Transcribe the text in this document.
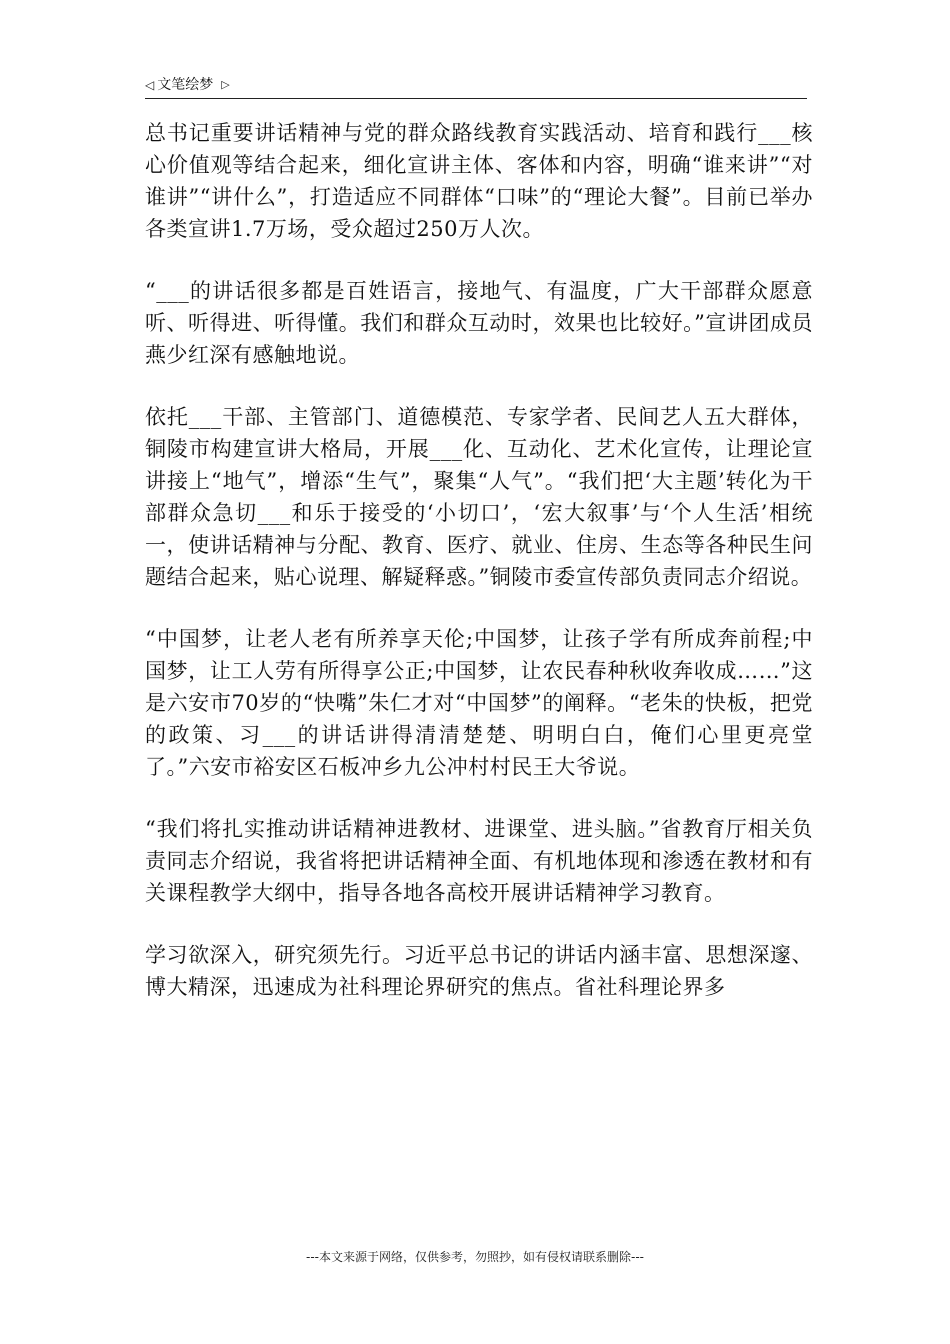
◁ 文笔绘梦 ▷

总书记重要讲话精神与党的群众路线教育实践活动、培育和践行___核心价值观等结合起来，细化宣讲主体、客体和内容，明确“谁来讲”“对谁讲”“讲什么”，打造适应不同群体“口味”的“理论大餐”。目前已举办各类宣讲1.7万场，受众超过250万人次。

“___的讲话很多都是百姓语言，接地气、有温度，广大干部群众愿意听、听得进、听得懂。我们和群众互动时，效果也比较好。”宣讲团成员燕少红深有感触地说。

依托___干部、主管部门、道德模范、专家学者、民间艺人五大群体，铜陵市构建宣讲大格局，开展___化、互动化、艺术化宣传，让理论宣讲接上“地气”，增添“生气”，聚集“人气”。“我们把‘大主题’转化为干部群众急切___和乐于接受的‘小切口’，‘宏大叙事’与‘个人生活’相统一，使讲话精神与分配、教育、医疗、就业、住房、生态等各种民生问题结合起来，贴心说理、解疑释惑。”铜陵市委宣传部负责同志介绍说。

“中国梦，让老人老有所养享天伦;中国梦，让孩子学有所成奔前程;中国梦，让工人劳有所得享公正;中国梦，让农民春种秋收奔收成……”这是六安市70岁的“快嘴”朱仁才对“中国梦”的阐释。“老朱的快板，把党的政策、习___的讲话讲得清清楚楚、明明白白，俺们心里更亮堂了。”六安市裕安区石板冲乡九公冲村村民王大爷说。

“我们将扎实推动讲话精神进教材、进课堂、进头脑。”省教育厅相关负责同志介绍说，我省将把讲话精神全面、有机地体现和渗透在教材和有关课程教学大纲中，指导各地各高校开展讲话精神学习教育。

学习欲深入，研究须先行。习近平总书记的讲话内涵丰富、思想深邃、博大精深，迅速成为社科理论界研究的焦点。省社科理论界多

---本文来源于网络，仅供参考，勿照抄，如有侵权请联系删除---
